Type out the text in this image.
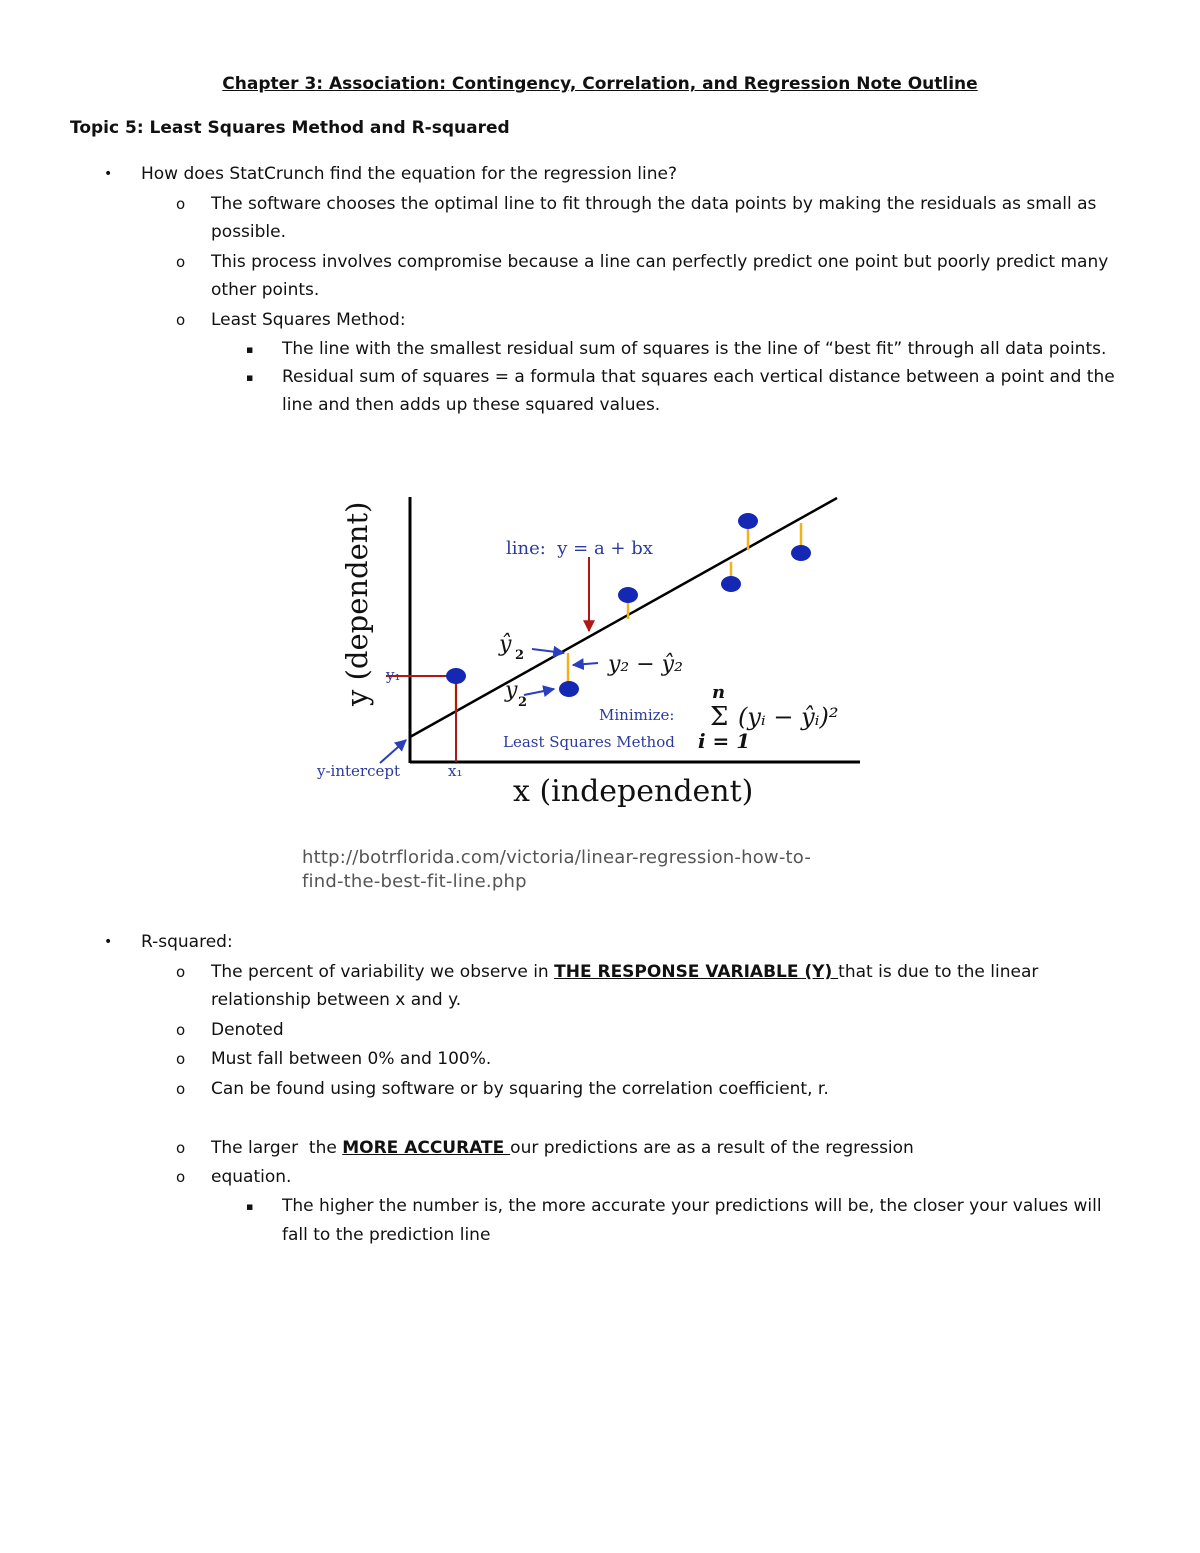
Chapter 3: Association: Contingency, Correlation, and Regression Note Outline
Topic 5: Least Squares Method and R-squared
• How does StatCrunch find the equation for the regression line?
o The software chooses the optimal line to fit through the data points by making the residuals as small as
possible.
o This process involves compromise because a line can perfectly predict one point but poorly predict many
other points.
o Least Squares Method:
▪ The line with the smallest residual sum of squares is the line of “best fit” through all data points.
▪ Residual sum of squares = a formula that squares each vertical distance between a point and the
line and then adds up these squared values.
y (dependent)
x (independent)
line:  y = a + bx
ŷ 2	y₂ − ŷ₂
y 2
y₁
x₁
y-intercept
Minimize:
Least Squares Method
n
Σ (yᵢ − ŷᵢ)²
i = 1
http://botrflorida.com/victoria/linear-regression-how-to-
find-the-best-fit-line.php
• R-squared:
o The percent of variability we observe in THE RESPONSE VARIABLE (Y) that is due to the linear
relationship between x and y.
o Denoted
o Must fall between 0% and 100%.
o Can be found using software or by squaring the correlation coefficient, r.
o The larger  the MORE ACCURATE our predictions are as a result of the regression
o equation.
▪ The higher the number is, the more accurate your predictions will be, the closer your values will
fall to the prediction line
